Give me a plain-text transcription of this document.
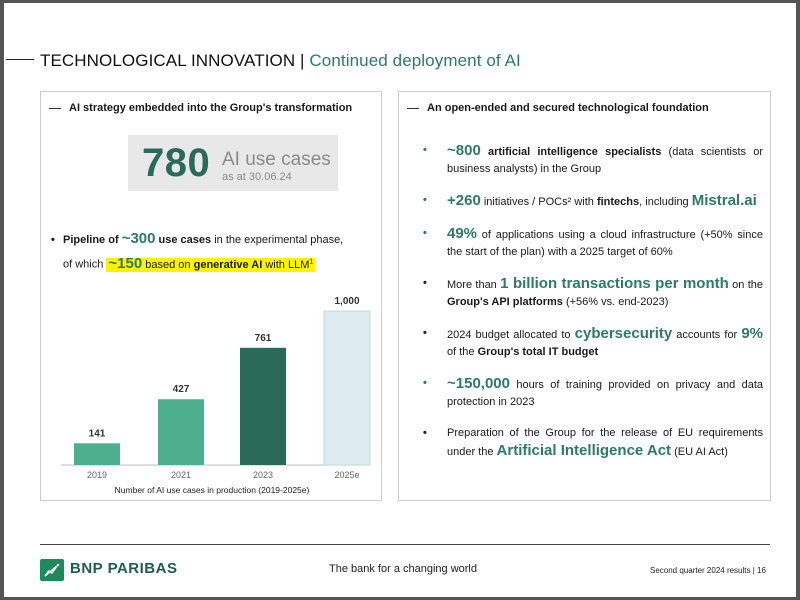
TECHNOLOGICAL INNOVATION | Continued deployment of AI
AI strategy embedded into the Group's transformation
780 AI use cases
as at 30.06.24
• Pipeline of ~300 use cases in the experimental phase,
of which ~150 based on generative AI with LLM$^1$
Number of AI use cases in production (2019-2025e)
141
2019
427
2021
761
2023
1,000
2025e
An open-ended and secured technological foundation
• ~800 artificial intelligence specialists (data scientists or business analysts) in the Group
• +260 initiatives / POCs² with fintechs, including Mistral.ai
• 49% of applications using a cloud infrastructure (+50% since the start of the plan) with a 2025 target of 60%
• More than 1 billion transactions per month on the Group's API platforms (+56% vs. end-2023)
• 2024 budget allocated to cybersecurity accounts for 9% of the Group's total IT budget
• ~150,000 hours of training provided on privacy and data protection in 2023
• Preparation of the Group for the release of EU requirements under the Artificial Intelligence Act (EU AI Act)
BNP PARIBAS	The bank for a changing world	Second quarter 2024 results | 16
